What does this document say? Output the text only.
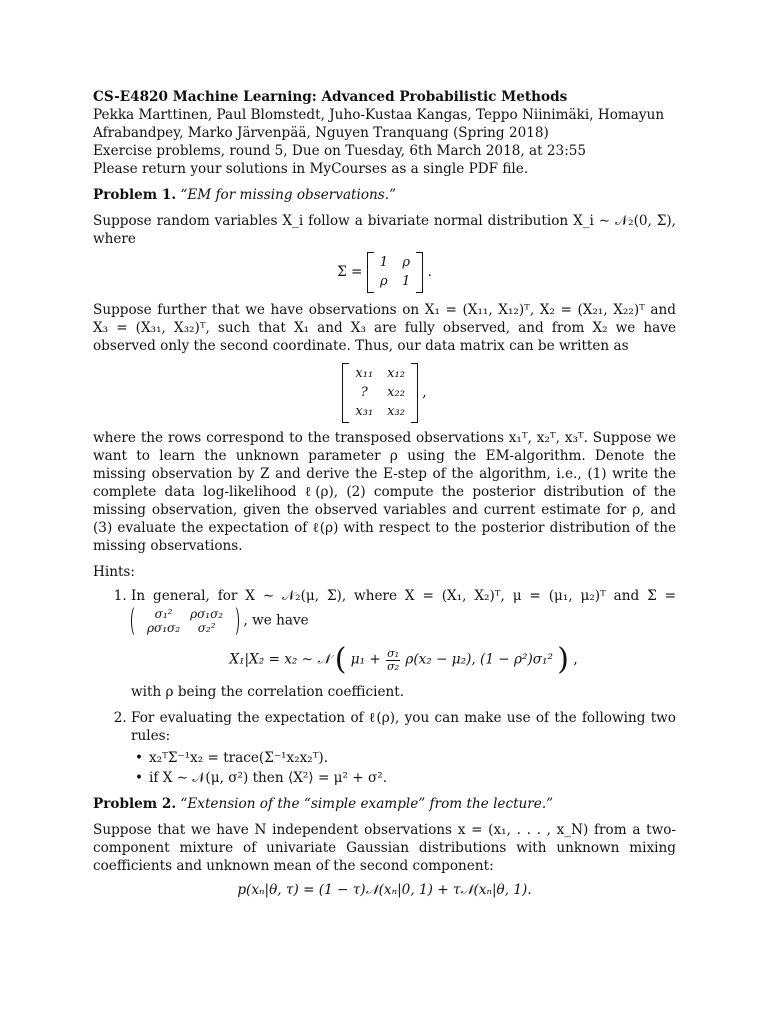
CS-E4820 Machine Learning: Advanced Probabilistic Methods

Pekka Marttinen, Paul Blomstedt, Juho-Kustaa Kangas, Teppo Niinimäki, Homayun Afrabandpey, Marko Järvenpää, Nguyen Tranquang (Spring 2018)

Exercise problems, round 5, Due on Tuesday, 6th March 2018, at 23:55

Please return your solutions in MyCourses as a single PDF file.

Problem 1. “EM for missing observations.”

Suppose random variables X_i follow a bivariate normal distribution X_i ∼ 𝒩₂(0, Σ), where

Σ =
1 ρ
ρ 1
.

Suppose further that we have observations on X₁ = (X₁₁, X₁₂)ᵀ, X₂ = (X₂₁, X₂₂)ᵀ and X₃ = (X₃₁, X₃₂)ᵀ, such that X₁ and X₃ are fully observed, and from X₂ we have observed only the second coordinate. Thus, our data matrix can be written as

x₁₁ x₁₂
?	x₂₂
x₃₁ x₃₂
,

where the rows correspond to the transposed observations x₁ᵀ, x₂ᵀ, x₃ᵀ. Suppose we want to learn the unknown parameter ρ using the EM-algorithm. Denote the missing observation by Z and derive the E-step of the algorithm, i.e., (1) write the complete data log-likelihood ℓ(ρ), (2) compute the posterior distribution of the missing observation, given the observed variables and current estimate for ρ, and (3) evaluate the expectation of ℓ(ρ) with respect to the posterior distribution of the missing observations.

Hints:

1. In general, for X ∼ 𝒩₂(μ, Σ), where X = (X₁, X₂)ᵀ, μ = (μ₁, μ₂)ᵀ and Σ =
σ₁²	ρσ₁σ₂
ρσ₁σ₂	σ₂²	, we have
X₁|X₂ = x₂ ∼ 𝒩 ( $\mu_1 + \frac{\text{σ₁}}{\text{σ₂}} \rho(x_2 - \mu_2)$, (1 − ρ²)σ₁² ) ,
with ρ being the correlation coefficient.
2. For evaluating the expectation of ℓ(ρ), you can make use of the following two rules:
• x₂ᵀΣ⁻¹x₂ = trace(Σ⁻¹x₂x₂ᵀ).
• if X ∼ 𝒩(μ, σ²) then ⟨X²⟩ = μ² + σ².

Problem 2. “Extension of the “simple example” from the lecture.”

Suppose that we have N independent observations x = (x₁, . . . , x_N) from a two-component mixture of univariate Gaussian distributions with unknown mixing coefficients and unknown mean of the second component:

p(xₙ|θ, τ) = (1 − τ)𝒩(xₙ|0, 1) + τ𝒩(xₙ|θ, 1).
